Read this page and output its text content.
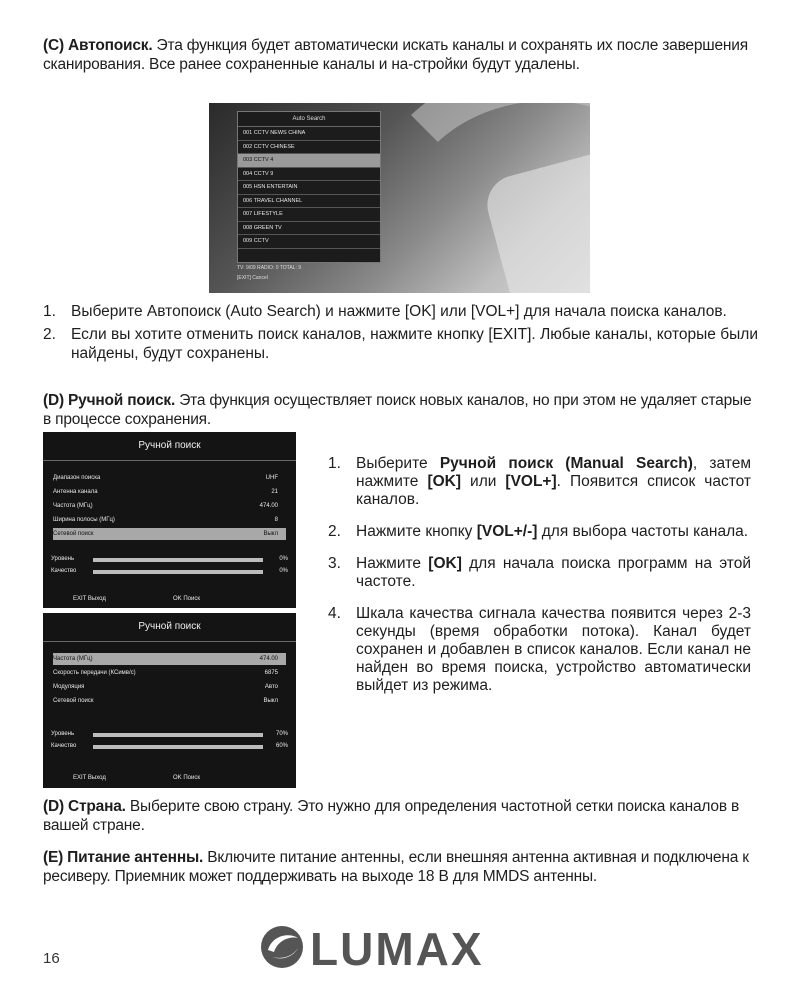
(С) Автопоиск. Эта функция будет автоматически искать каналы и сохранять их после завершения сканирования. Все ранее сохраненные каналы и на-стройки будут удалены.
Auto Search
001 CCTV NEWS CHINA
002 CCTV CHINESE
003 CCTV 4
004 CCTV 9
005 HSN ENTERTAIN
006 TRAVEL CHANNEL
007 LIFESTYLE
008 GREEN TV
009 CCTV
TV: 9/09 RADIO: 0 TOTAL: 9
[EXIT] Cancel
1. Выберите Автопоиск (Auto Search) и нажмите [OK] или [VOL+] для начала поиска каналов.
2. Если вы хотите отменить поиск каналов, нажмите кнопку [EXIT]. Любые каналы, которые были найдены, будут сохранены.
(D) Ручной поиск. Эта функция осуществляет поиск новых каналов, но при этом не удаляет старые в процессе сохранения.
Ручной поиск
Диапазон поиска	UHF
Антенна канала	21
Частота (МГц)	474.00
Ширина полосы (МГц)	8
Сетевой поиск	Выкл
Уровень	0%
Качество	0%
EXIT Выход	OK Поиск
Ручной поиск
Частота (МГц)	474.00
Скорость передачи (КСимв/с)	6875
Модуляция	Авто
Сетевой поиск	Выкл
Уровень	70%
Качество	60%
EXIT Выход	OK Поиск
1. Выберите Ручной поиск (Manual Search), затем нажмите [OK] или [VOL+]. Появится список частот каналов.
2. Нажмите кнопку [VOL+/-] для выбора частоты канала.
3. Нажмите [OK] для начала поиска программ на этой частоте.
4. Шкала качества сигнала качества появится через 2-3 секунды (время обработки потока). Канал будет сохранен и добавлен в список каналов. Если канал не найден во время поиска, устройство автоматически выйдет из режима.
(D) Страна. Выберите свою страну. Это нужно для определения частотной сетки поиска каналов в вашей стране.
(E) Питание антенны. Включите питание антенны, если внешняя антенна активная и подключена к ресиверу. Приемник может поддерживать на выходе 18 В для MMDS антенны.
16	LUMAX
